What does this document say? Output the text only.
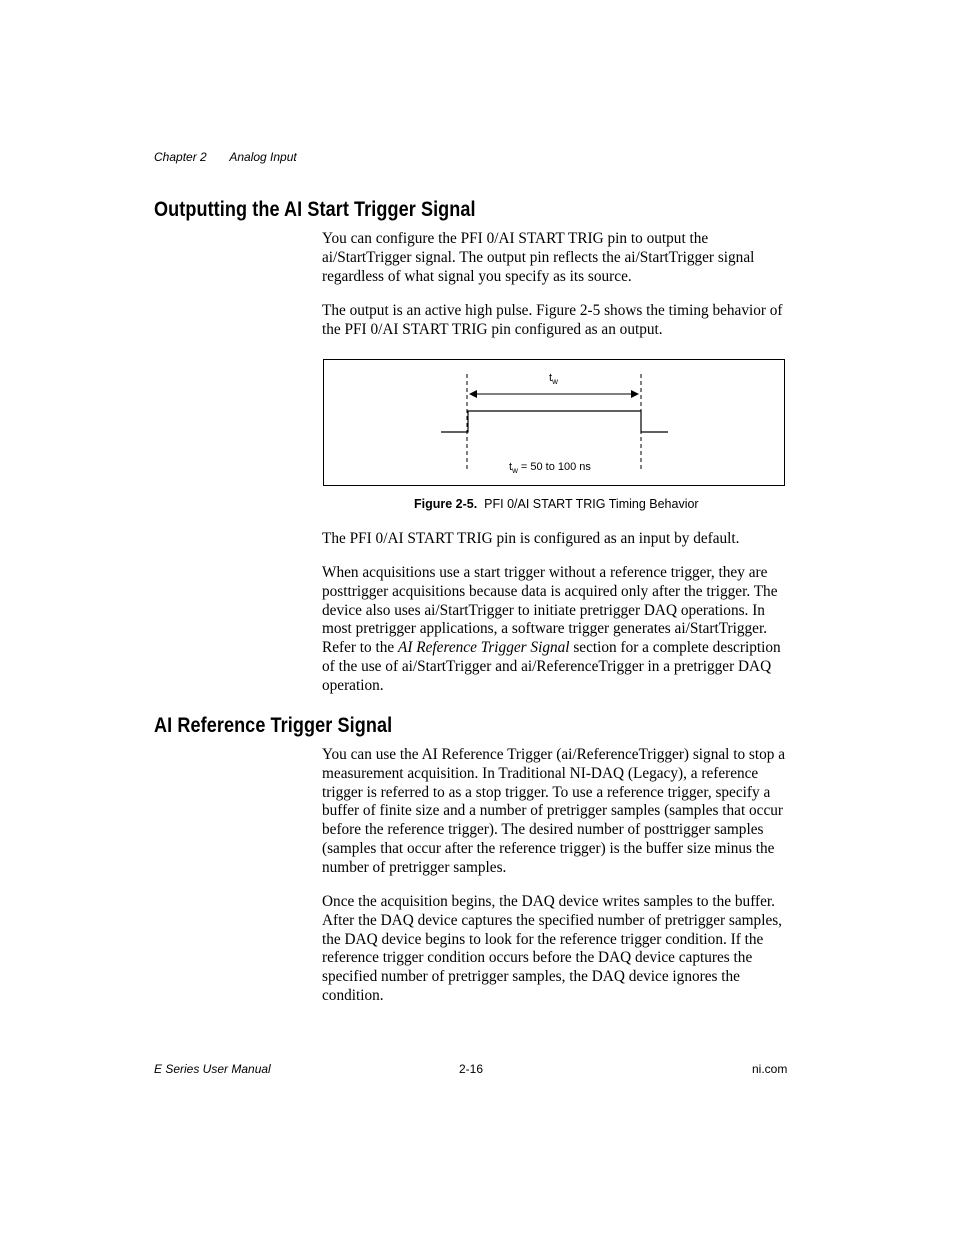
Chapter 2 Analog Input
Outputting the AI Start Trigger Signal

You can configure the PFI 0/AI START TRIG pin to output the ai/StartTrigger signal. The output pin reflects the ai/StartTrigger signal regardless of what signal you specify as its source.

The output is an active high pulse. Figure 2-5 shows the timing behavior of the PFI 0/AI START TRIG pin configured as an output.

$t_w$
$t_w = 50$ to 100 ns
Figure 2-5. PFI 0/AI START TRIG Timing Behavior

The PFI 0/AI START TRIG pin is configured as an input by default.

When acquisitions use a start trigger without a reference trigger, they are posttrigger acquisitions because data is acquired only after the trigger. The device also uses ai/StartTrigger to initiate pretrigger DAQ operations. In most pretrigger applications, a software trigger generates ai/StartTrigger. Refer to the AI Reference Trigger Signal section for a complete description of the use of ai/StartTrigger and ai/ReferenceTrigger in a pretrigger DAQ operation.

AI Reference Trigger Signal

You can use the AI Reference Trigger (ai/ReferenceTrigger) signal to stop a measurement acquisition. In Traditional NI-DAQ (Legacy), a reference trigger is referred to as a stop trigger. To use a reference trigger, specify a buffer of finite size and a number of pretrigger samples (samples that occur before the reference trigger). The desired number of posttrigger samples (samples that occur after the reference trigger) is the buffer size minus the number of pretrigger samples.

Once the acquisition begins, the DAQ device writes samples to the buffer. After the DAQ device captures the specified number of pretrigger samples, the DAQ device begins to look for the reference trigger condition. If the reference trigger condition occurs before the DAQ device captures the specified number of pretrigger samples, the DAQ device ignores the condition.

E Series User Manual	2-16	ni.com
